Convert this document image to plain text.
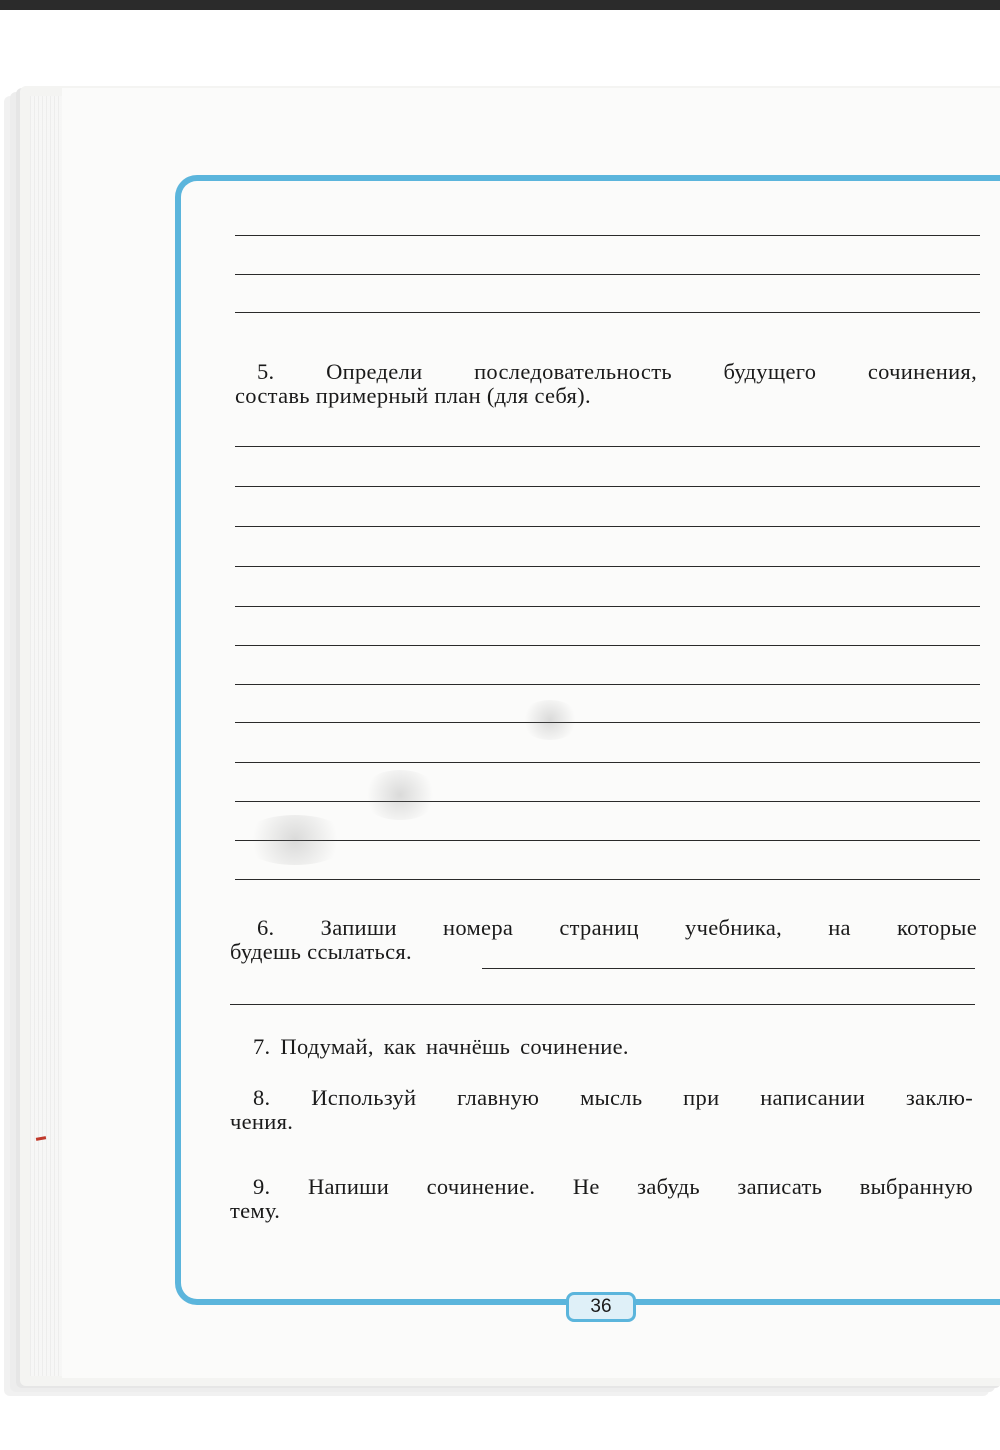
5. Определи последовательность будущего сочинения,
составь примерный план (для себя).
6. Запиши номера страниц учебника, на которые
будешь ссылаться.
7. Подумай, как начнёшь сочинение.
8. Используй главную мысль при написании заклю-
чения.
9. Напиши сочинение. Не забудь записать выбранную
тему.
36
